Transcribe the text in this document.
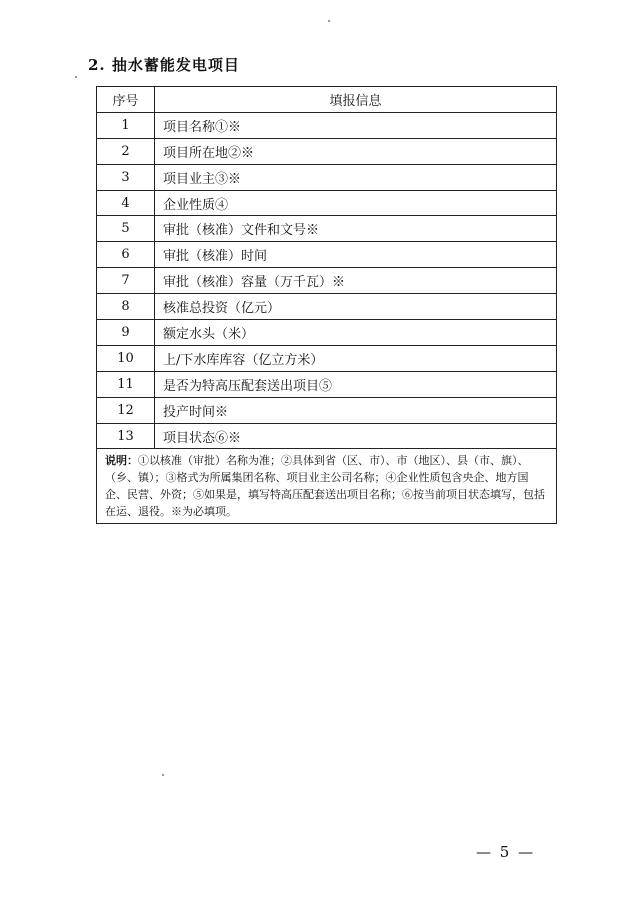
2. 抽水蓄能发电项目
序号	填报信息
1	项目名称①※
2	项目所在地②※
3	项目业主③※
4	企业性质④
5	审批（核准）文件和文号※
6	审批（核准）时间
7	审批（核准）容量（万千瓦）※
8	核准总投资（亿元）
9	额定水头（米）
10	上/下水库库容（亿立方米）
11	是否为特高压配套送出项目⑤
12	投产时间※
13	项目状态⑥※
说明：①以核准（审批）名称为准；②具体到省（区、市）、市（地区）、县（市、旗）、（乡、镇）；③格式为所属集团名称、项目业主公司名称；④企业性质包含央企、地方国企、民营、外资；⑤如果是，填写特高压配套送出项目名称；⑥按当前项目状态填写，包括在运、退役。※为必填项。	
— 5 —
